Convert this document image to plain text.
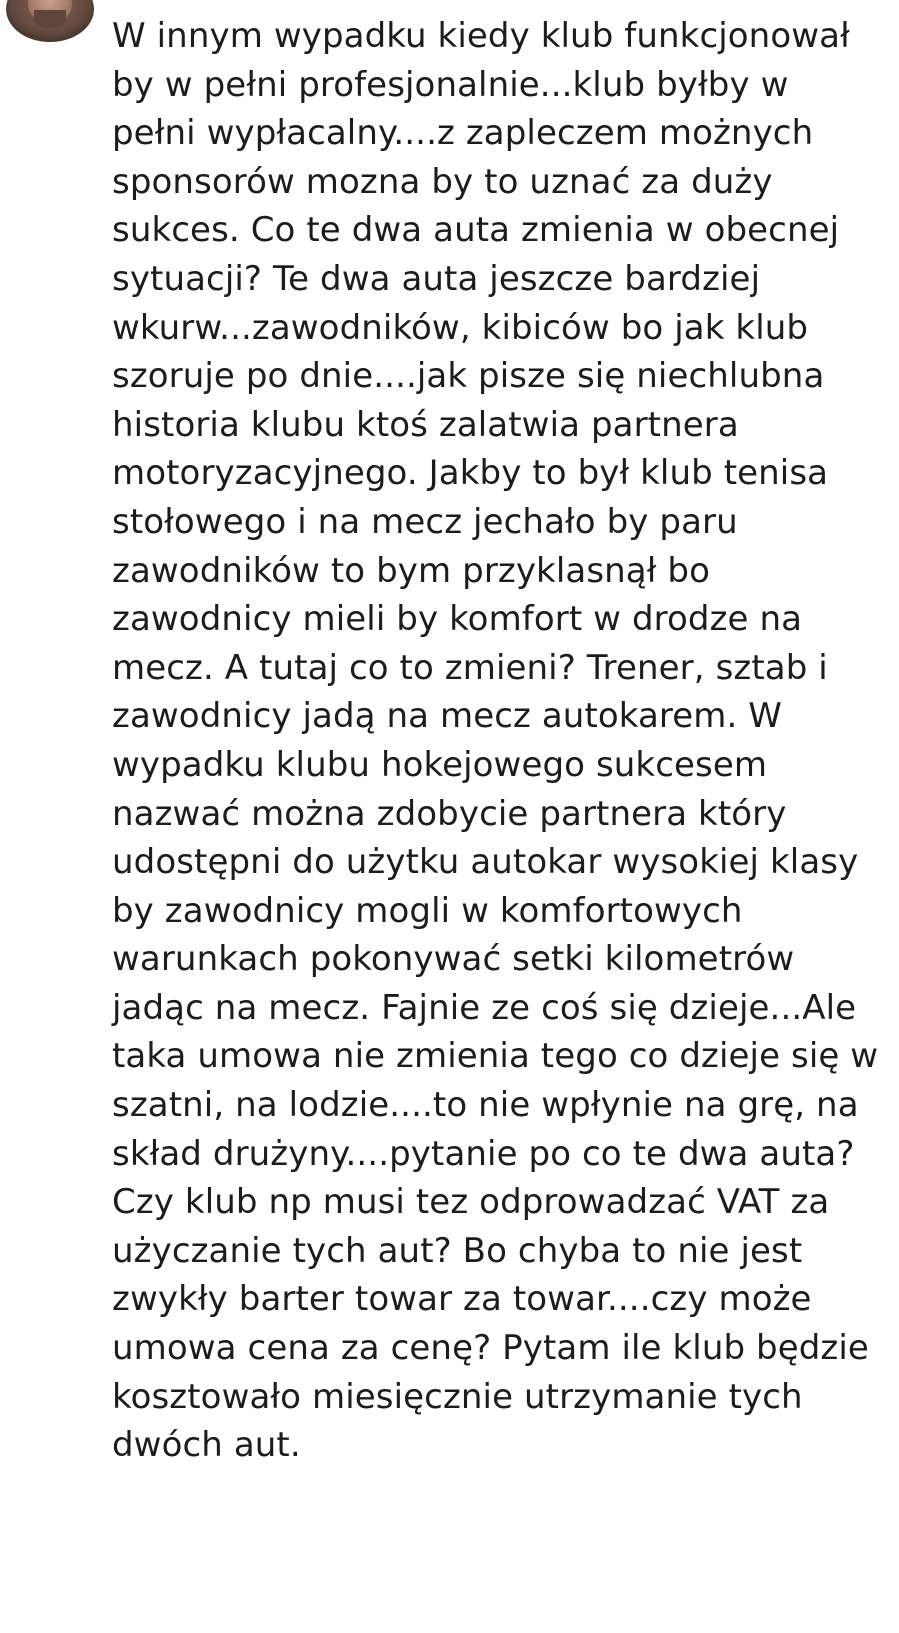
W innym wypadku kiedy klub funkcjonował by w pełni profesjonalnie...klub byłby w pełni wypłacalny....z zapleczem możnych sponsorów mozna by to uznać za duży sukces. Co te dwa auta zmienia w obecnej sytuacji? Te dwa auta jeszcze bardziej wkurw...zawodników, kibiców bo jak klub szoruje po dnie....jak pisze się niechlubna historia klubu ktoś zalatwia partnera motoryzacyjnego. Jakby to był klub tenisa stołowego i na mecz jechało by paru zawodników to bym przyklasnął bo zawodnicy mieli by komfort w drodze na mecz. A tutaj co to zmieni? Trener, sztab i zawodnicy jadą na mecz autokarem. W wypadku klubu hokejowego sukcesem nazwać można zdobycie partnera który udostępni do użytku autokar wysokiej klasy by zawodnicy mogli w komfortowych warunkach pokonywać setki kilometrów jadąc na mecz. Fajnie ze coś się dzieje...Ale taka umowa nie zmienia tego co dzieje się w szatni, na lodzie....to nie wpłynie na grę, na skład drużyny....pytanie po co te dwa auta? Czy klub np musi tez odprowadzać VAT za użyczanie tych aut? Bo chyba to nie jest zwykły barter towar za towar....czy może umowa cena za cenę? Pytam ile klub będzie kosztowało miesięcznie utrzymanie tych dwóch aut.
